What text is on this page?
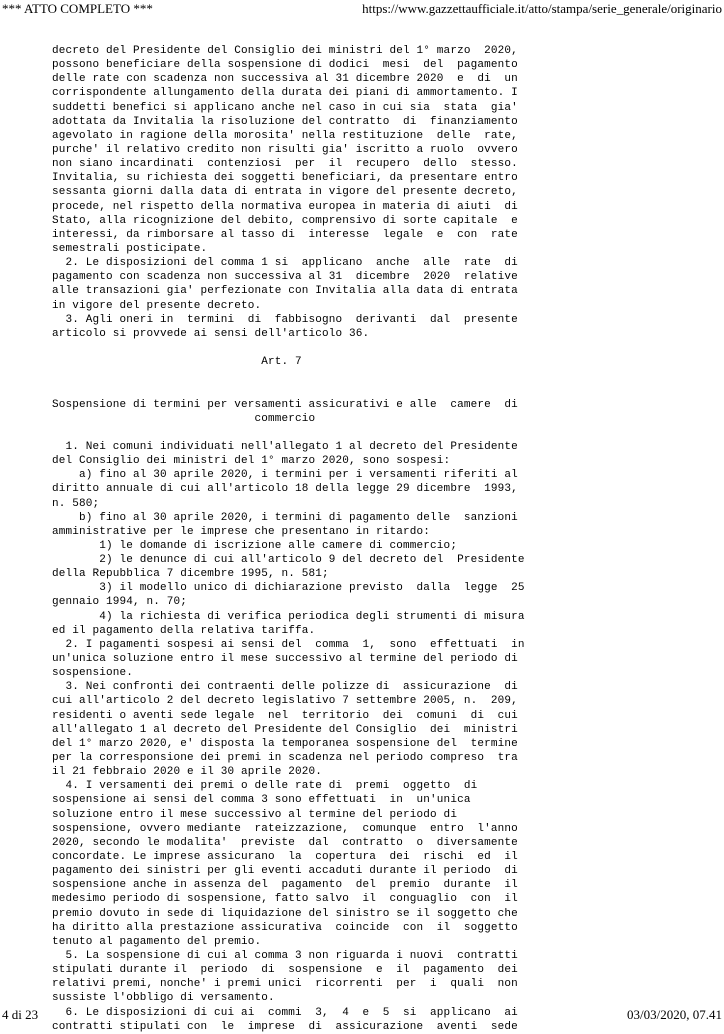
*** ATTO COMPLETO ***	https://www.gazzettaufficiale.it/atto/stampa/serie_generale/originario
decreto del Presidente del Consiglio dei ministri del 1° marzo  2020,
possono beneficiare della sospensione di dodici  mesi  del  pagamento
delle rate con scadenza non successiva al 31 dicembre 2020  e  di  un
corrispondente allungamento della durata dei piani di ammortamento. I
suddetti benefici si applicano anche nel caso in cui sia  stata  gia'
adottata da Invitalia la risoluzione del contratto  di  finanziamento
agevolato in ragione della morosita' nella restituzione  delle  rate,
purche' il relativo credito non risulti gia' iscritto a ruolo  ovvero
non siano incardinati  contenziosi  per  il  recupero  dello  stesso.
Invitalia, su richiesta dei soggetti beneficiari, da presentare entro
sessanta giorni dalla data di entrata in vigore del presente decreto,
procede, nel rispetto della normativa europea in materia di aiuti  di
Stato, alla ricognizione del debito, comprensivo di sorte capitale  e
interessi, da rimborsare al tasso di  interesse  legale  e  con  rate
semestrali posticipate.
2. Le disposizioni del comma 1 si  applicano  anche  alle  rate  di
pagamento con scadenza non successiva al 31  dicembre  2020  relative
alle transazioni gia' perfezionate con Invitalia alla data di entrata
in vigore del presente decreto.
3. Agli oneri in  termini  di  fabbisogno  derivanti  dal  presente
articolo si provvede ai sensi dell'articolo 36.
Art. 7
Sospensione di termini per versamenti assicurativi e alle  camere  di
commercio
1. Nei comuni individuati nell'allegato 1 al decreto del Presidente
del Consiglio dei ministri del 1° marzo 2020, sono sospesi:
a) fino al 30 aprile 2020, i termini per i versamenti riferiti al
diritto annuale di cui all'articolo 18 della legge 29 dicembre  1993,
n. 580;
b) fino al 30 aprile 2020, i termini di pagamento delle  sanzioni
amministrative per le imprese che presentano in ritardo:
1) le domande di iscrizione alle camere di commercio;
2) le denunce di cui all'articolo 9 del decreto del  Presidente
della Repubblica 7 dicembre 1995, n. 581;
3) il modello unico di dichiarazione previsto  dalla  legge  25
gennaio 1994, n. 70;
4) la richiesta di verifica periodica degli strumenti di misura
ed il pagamento della relativa tariffa.
2. I pagamenti sospesi ai sensi del  comma  1,  sono  effettuati  in
un'unica soluzione entro il mese successivo al termine del periodo di
sospensione.
3. Nei confronti dei contraenti delle polizze di  assicurazione  di
cui all'articolo 2 del decreto legislativo 7 settembre 2005, n.  209,
residenti o aventi sede legale  nel  territorio  dei  comuni  di  cui
all'allegato 1 al decreto del Presidente del Consiglio  dei  ministri
del 1° marzo 2020, e' disposta la temporanea sospensione del  termine
per la corresponsione dei premi in scadenza nel periodo compreso  tra
il 21 febbraio 2020 e il 30 aprile 2020.
4. I versamenti dei premi o delle rate di  premi  oggetto  di
sospensione ai sensi del comma 3 sono effettuati  in  un'unica
soluzione entro il mese successivo al termine del periodo di
sospensione, ovvero mediante  rateizzazione,  comunque  entro  l'anno
2020, secondo le modalita'  previste  dal  contratto  o  diversamente
concordate. Le imprese assicurano  la  copertura  dei  rischi  ed  il
pagamento dei sinistri per gli eventi accaduti durante il periodo  di
sospensione anche in assenza del  pagamento  del  premio  durante  il
medesimo periodo di sospensione, fatto salvo  il  conguaglio  con  il
premio dovuto in sede di liquidazione del sinistro se il soggetto che
ha diritto alla prestazione assicurativa  coincide  con  il  soggetto
tenuto al pagamento del premio.
5. La sospensione di cui al comma 3 non riguarda i nuovi  contratti
stipulati durante il  periodo  di  sospensione  e  il  pagamento  dei
relativi premi, nonche' i premi unici  ricorrenti  per  i  quali  non
sussiste l'obbligo di versamento.
6. Le disposizioni di cui ai  commi  3,  4  e  5  si  applicano  ai
contratti stipulati con  le  imprese  di  assicurazione  aventi  sede
4 di 23	03/03/2020, 07.41
